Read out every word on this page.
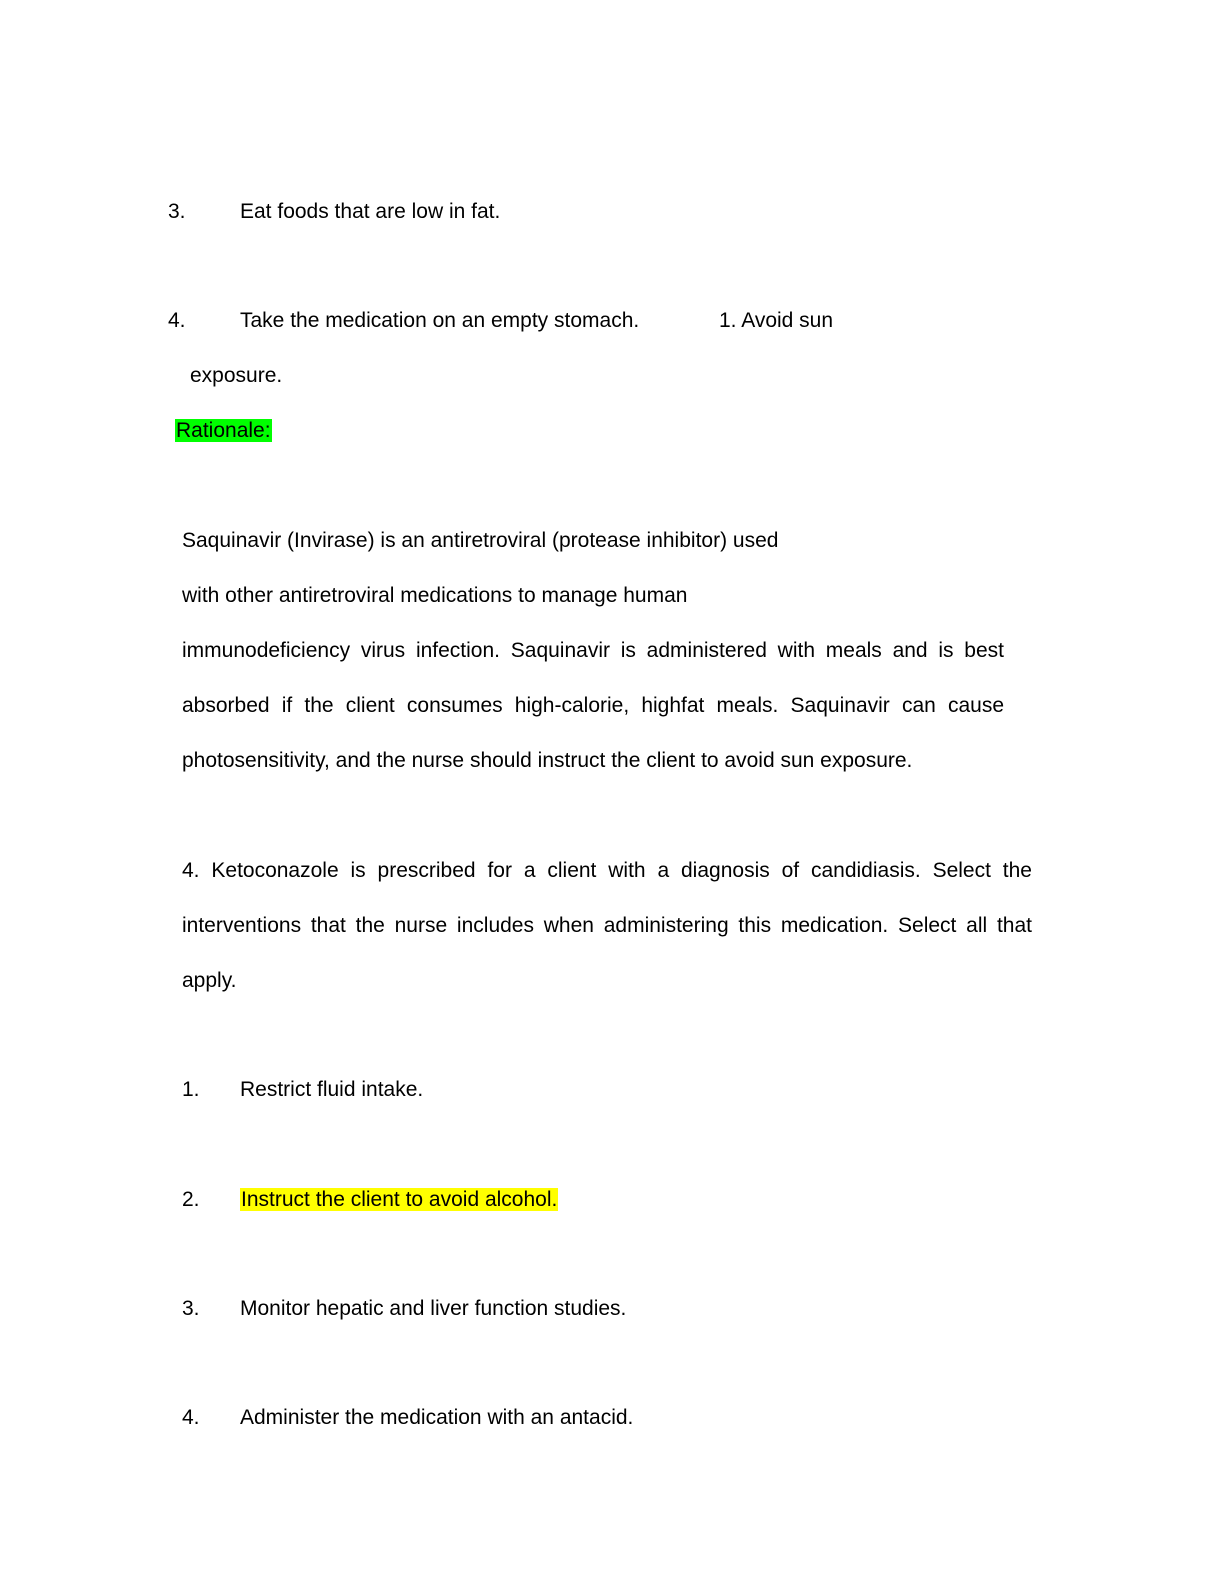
3.	Eat foods that are low in fat.
4.	Take the medication on an empty stomach.	1. Avoid sun
exposure.
Rationale:
Saquinavir (Invirase) is an antiretroviral (protease inhibitor) used
with other antiretroviral medications to manage human
immunodeficiency virus infection. Saquinavir is administered with meals and is best
absorbed if the client consumes high-calorie, highfat meals. Saquinavir can cause
photosensitivity, and the nurse should instruct the client to avoid sun exposure.
4. Ketoconazole is prescribed for a client with a diagnosis of candidiasis. Select the
interventions that the nurse includes when administering this medication. Select all that
apply.
1. Restrict fluid intake.
2. Instruct the client to avoid alcohol.
3. Monitor hepatic and liver function studies.
4. Administer the medication with an antacid.
